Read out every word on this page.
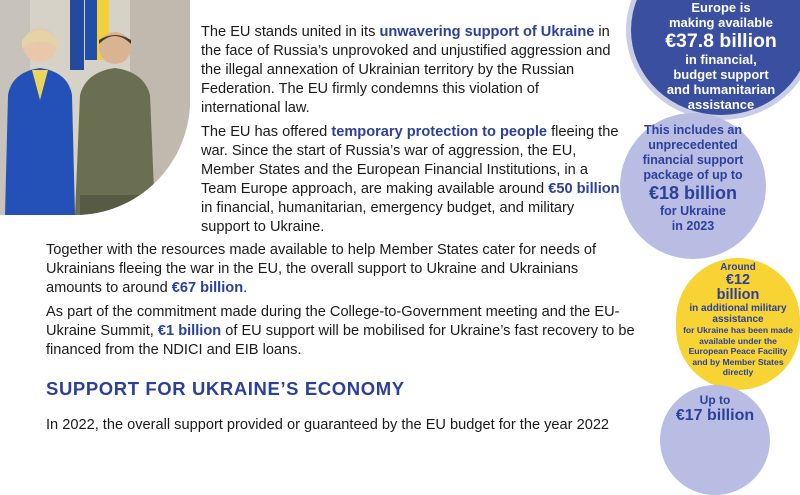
The EU stands united in its unwavering support of Ukraine in the face of Russia’s unprovoked and unjustified aggression and the illegal annexation of Ukrainian territory by the Russian Federation. The EU firmly condemns this violation of international law.

The EU has offered temporary protection to people fleeing the war. Since the start of Russia’s war of aggression, the EU, Member States and the European Financial Institutions, in a Team Europe approach, are making available around €50 billion in financial, humanitarian, emergency budget, and military support to Ukraine.

Together with the resources made available to help Member States cater for needs of Ukrainians fleeing the war in the EU, the overall support to Ukraine and Ukrainians amounts to around €67 billion.

As part of the commitment made during the College-to-Government meeting and the EU-Ukraine Summit, €1 billion of EU support will be mobilised for Ukraine’s fast recovery to be financed from the NDICI and EIB loans.

SUPPORT FOR UKRAINE’S ECONOMY

In 2022, the overall support provided or guaranteed by the EU budget for the year 2022

Europe is
making available
€37.8 billion
in financial, budget support and humanitarian assistance
This includes an unprecedented financial support package of up to
€18 billion
for Ukraine in 2023
Around
€12 billion
in additional military assistance
for Ukraine has been made available under the European Peace Facility and by Member States directly
Up to
€17 billion
